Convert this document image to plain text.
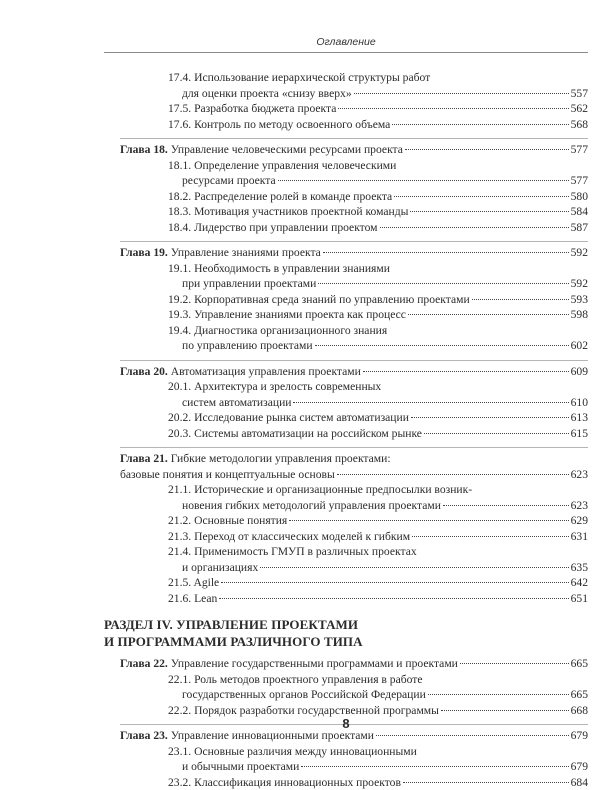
Оглавление
17.4. Использование иерархической структуры работ
для оценки проекта «снизу вверх»	557
17.5. Разработка бюджета проекта	562
17.6. Контроль по методу освоенного объема	568
Глава 18. Управление человеческими ресурсами проекта	577
18.1. Определение управления человеческими
ресурсами проекта	577
18.2. Распределение ролей в команде проекта	580
18.3. Мотивация участников проектной команды	584
18.4. Лидерство при управлении проектом	587
Глава 19. Управление знаниями проекта	592
19.1. Необходимость в управлении знаниями
при управлении проектами	592
19.2. Корпоративная среда знаний по управлению проектами	593
19.3. Управление знаниями проекта как процесс	598
19.4. Диагностика организационного знания
по управлению проектами	602
Глава 20. Автоматизация управления проектами	609
20.1. Архитектура и зрелость современных
систем автоматизации	610
20.2. Исследование рынка систем автоматизации	613
20.3. Системы автоматизации на российском рынке	615
Глава 21. Гибкие методологии управления проектами:
базовые понятия и концептуальные основы	623
21.1. Исторические и организационные предпосылки возник-
новения гибких методологий управления проектами	623
21.2. Основные понятия	629
21.3. Переход от классических моделей к гибким	631
21.4. Применимость ГМУП в различных проектах
и организациях	635
21.5. Agile	642
21.6. Lean	651
РАЗДЕЛ IV. УПРАВЛЕНИЕ ПРОЕКТАМИ
И ПРОГРАММАМИ РАЗЛИЧНОГО ТИПА
Глава 22. Управление государственными программами и проектами	665
22.1. Роль методов проектного управления в работе
государственных органов Российской Федерации	665
22.2. Порядок разработки государственной программы	668
Глава 23. Управление инновационными проектами	679
23.1. Основные различия между инновационными
и обычными проектами	679
23.2. Классификация инновационных проектов	684
8
